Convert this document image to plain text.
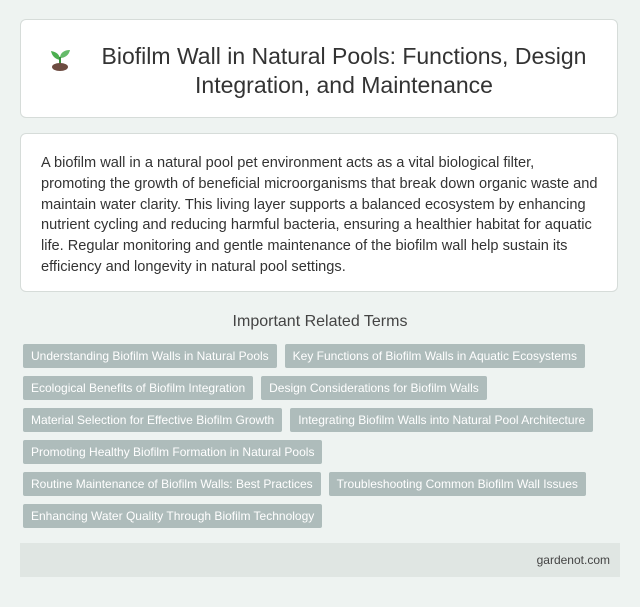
Biofilm Wall in Natural Pools: Functions, Design Integration, and Maintenance

A biofilm wall in a natural pool pet environment acts as a vital biological filter, promoting the growth of beneficial microorganisms that break down organic waste and maintain water clarity. This living layer supports a balanced ecosystem by enhancing nutrient cycling and reducing harmful bacteria, ensuring a healthier habitat for aquatic life. Regular monitoring and gentle maintenance of the biofilm wall help sustain its efficiency and longevity in natural pool settings.

Important Related Terms
Understanding Biofilm Walls in Natural Pools	Key Functions of Biofilm Walls in Aquatic Ecosystems
Ecological Benefits of Biofilm Integration	Design Considerations for Biofilm Walls
Material Selection for Effective Biofilm Growth	Integrating Biofilm Walls into Natural Pool Architecture
Promoting Healthy Biofilm Formation in Natural Pools
Routine Maintenance of Biofilm Walls: Best Practices	Troubleshooting Common Biofilm Wall Issues
Enhancing Water Quality Through Biofilm Technology
gardenot.com
